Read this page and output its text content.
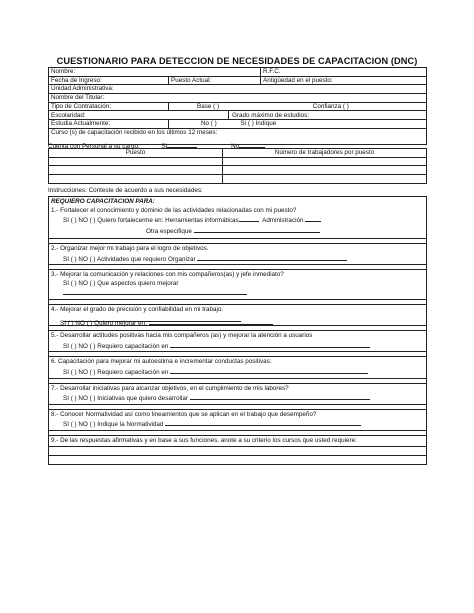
CUESTIONARIO PARA DETECCION DE NECESIDADES DE CAPACITACION (DNC)
Nombre:			R.F.C.
Fecha de Ingreso:	Puesto Actual:		Antigüedad en el puesto:
Unidad Administrativa:			
Nombre del Titular:			
Tipo de Contratación:	Base ( ) Confianza ( )		
Escolaridad:		Grado máximo de estudios:	
Estudia Actualmente:	No ( ) Si ( ) Indique		
Curso (s) de capacitación recibido en los últimos 12 meses:			
Cuenta con Personal a su cargo:	SI	No
Puesto	Número de trabajadores por puesto

Instrucciones: Conteste de acuerdo a sus necesidades:
REQUIERO CAPACITACION PARA:
1.- Fortalecer el conocimiento y dominio de las actividades relacionadas con mi puesto?
SI ( ) NO ( ) Quiero fortalecerme en: Herramientas informáticas	Administración
Otra especifique

2.- Organizar mejor mi trabajo para el logro de objetivos.
SI ( ) NO ( ) Actividades que requiero Organizar

3.- Mejorar la comunicación y relaciones con mis compañeros(as) y jefe inmediato?
SI ( ) NO ( ) Que aspectos quiero mejorar

4.- Mejorar el grado de precisión y confiabilidad en mi trabajo.

5.- Desarrollar actitudes positivas hacia mis compañeros (as) y mejorar la atención a usuarios
SI ( ) NO ( ) Requiero capacitación en

6. Capacitación para mejorar mi autoestima e incrementar conductas positivas:
SI ( ) NO ( ) Requiero capacitación en

7.- Desarrollar iniciativas para alcanzar objetivos, en el cumplimiento de mis labores?
SI ( ) NO ( ) Iniciativas que quiero desarrollar

8.- Conocer Normatividad así como lineamientos que se aplican en el trabajo que desempeño?
SI ( ) NO ( ) Indique la Normatividad

9.- De las respuestas afirmativas y en base a sus funciones, anote a su criterio los cursos que usted requiere:

SI ( ) NO ( ) Quiero mejorar en:
